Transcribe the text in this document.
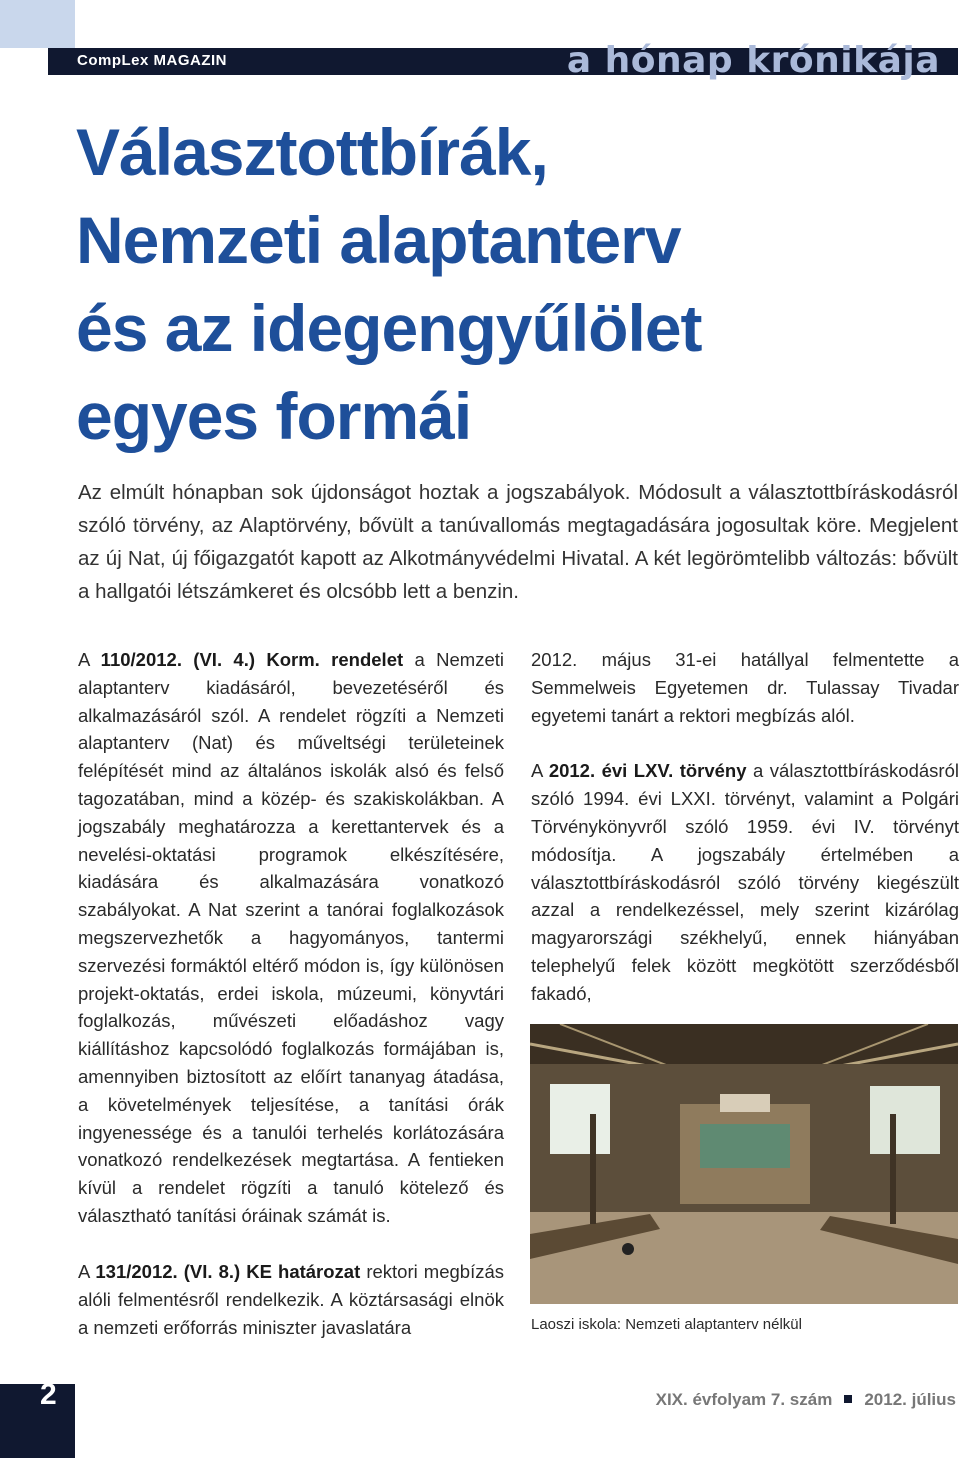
CompLex MAGAZIN	a hónap krónikája
Választottbírák,
Nemzeti alaptanterv
és az idegengyűlölet
egyes formái

Az elmúlt hónapban sok újdonságot hoztak a jogszabályok. Módosult a választottbíráskodásról szóló törvény, az Alaptörvény, bővült a tanúvallomás megtagadására jogosultak köre. Megjelent az új Nat, új főigazgatót kapott az Alkotmányvédelmi Hivatal. A két legörömtelibb változás: bővült a hallgatói létszámkeret és olcsóbb lett a benzin.

A 110/2012. (VI. 4.) Korm. rendelet a Nemzeti alaptanterv kiadásáról, bevezetéséről és alkalmazásáról szól. A rendelet rögzíti a Nemzeti alaptanterv (Nat) és műveltségi területeinek felépítését mind az általános iskolák alsó és felső tagozatában, mind a közép- és szakiskolákban. A jogszabály meghatározza a kerettantervek és a nevelési-oktatási programok elkészítésére, kiadására és alkalmazására vonatkozó szabályokat. A Nat szerint a tanórai foglalkozások megszervezhetők a hagyományos, tantermi szervezési formáktól eltérő módon is, így különösen projekt-oktatás, erdei iskola, múzeumi, könyvtári foglalkozás, művészeti előadáshoz vagy kiállításhoz kapcsolódó foglalkozás formájában is, amennyiben biztosított az előírt tananyag átadása, a követelmények teljesítése, a tanítási órák ingyenessége és a tanulói terhelés korlátozására vonatkozó rendelkezések megtartása. A fentieken kívül a rendelet rögzíti a tanuló kötelező és választható tanítási óráinak számát is.

A 131/2012. (VI. 8.) KE határozat rektori megbízás alóli felmentésről rendelkezik. A köztársasági elnök a nemzeti erőforrás miniszter javaslatára

2012. május 31-ei hatállyal felmentette a Semmelweis Egyetemen dr. Tulassay Tivadar egyetemi tanárt a rektori megbízás alól.

A 2012. évi LXV. törvény a választottbíráskodásról szóló 1994. évi LXXI. törvényt, valamint a Polgári Törvénykönyvről szóló 1959. évi IV. törvényt módosítja. A jogszabály értelmében a választottbíráskodásról szóló törvény kiegészült azzal a rendelkezéssel, mely szerint kizárólag magyarországi székhelyű, ennek hiányában telephelyű felek között megkötött szerződésből fakadó,

Laoszi iskola: Nemzeti alaptanterv nélkül
2	XIX. évfolyam 7. szám 2012. július
